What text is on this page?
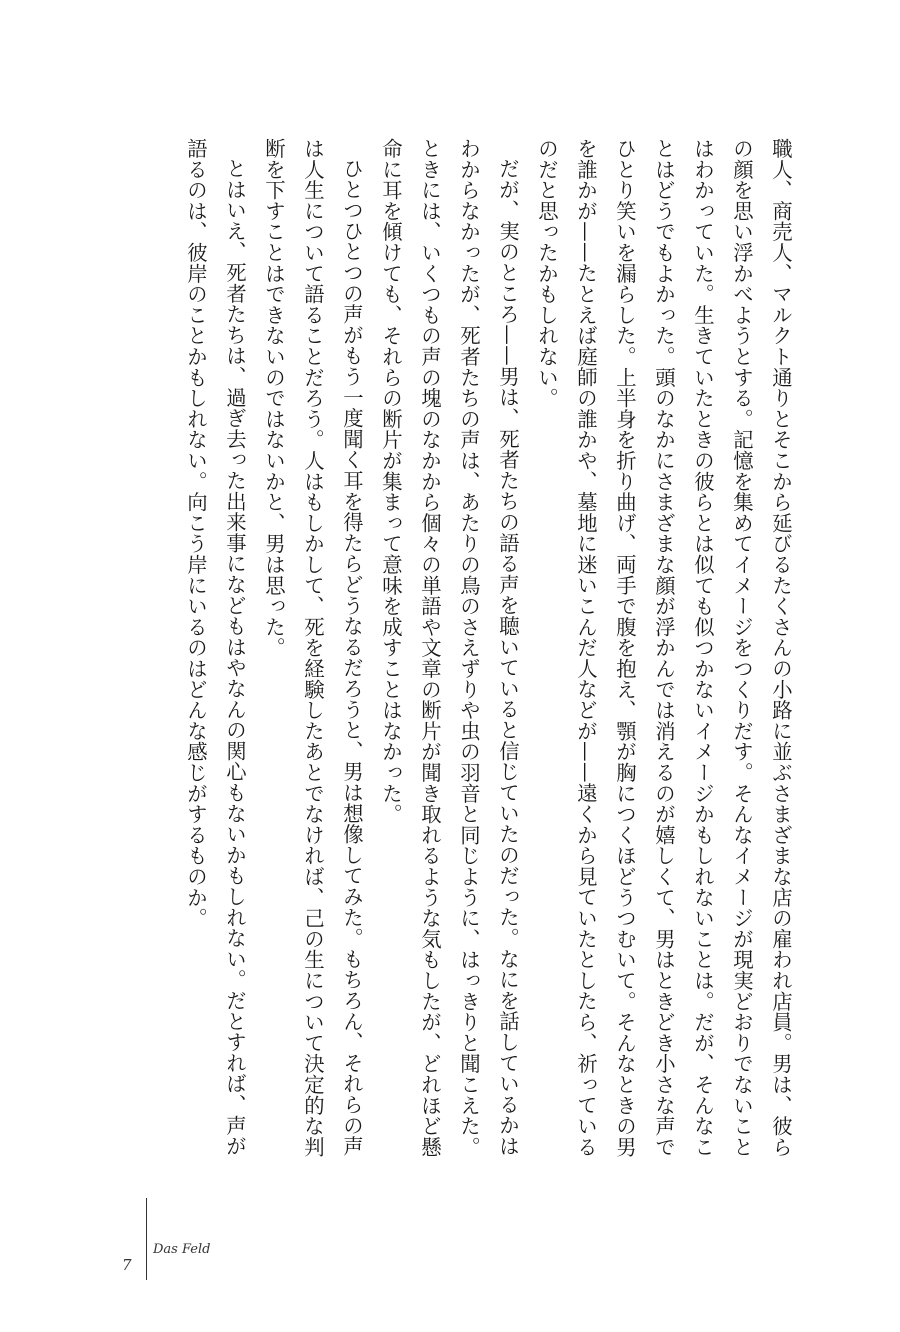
職人、商売人、マルクト通りとそこから延びるたくさんの小路に並ぶさまざまな店の雇われ店員。男は、彼らの顔を思い浮かべようとする。記憶を集めてイメージをつくりだす。そんなイメージが現実どおりでないことはわかっていた。生きていたときの彼らとは似ても似つかないイメージかもしれないことは。だが、そんなことはどうでもよかった。頭のなかにさまざまな顔が浮かんでは消えるのが嬉しくて、男はときどき小さな声でひとり笑いを漏らした。上半身を折り曲げ、両手で腹を抱え、顎が胸につくほどうつむいて。そんなときの男を誰かが——たとえば庭師の誰かや、墓地に迷いこんだ人などが——遠くから見ていたとしたら、祈っているのだと思ったかもしれない。

だが、実のところ——男は、死者たちの語る声を聴いていると信じていたのだった。なにを話しているかはわからなかったが、死者たちの声は、あたりの鳥のさえずりや虫の羽音と同じように、はっきりと聞こえた。ときには、いくつもの声の塊のなかから個々の単語や文章の断片が聞き取れるような気もしたが、どれほど懸命に耳を傾けても、それらの断片が集まって意味を成すことはなかった。

ひとつひとつの声がもう一度聞く耳を得たらどうなるだろうと、男は想像してみた。もちろん、それらの声は人生について語ることだろう。人はもしかして、死を経験したあとでなければ、己の生について決定的な判断を下すことはできないのではないかと、男は思った。

とはいえ、死者たちは、過ぎ去った出来事になどもはやなんの関心もないかもしれない。だとすれば、声が語るのは、彼岸のことかもしれない。向こう岸にいるのはどんな感じがするものか。

7
Das Feld
